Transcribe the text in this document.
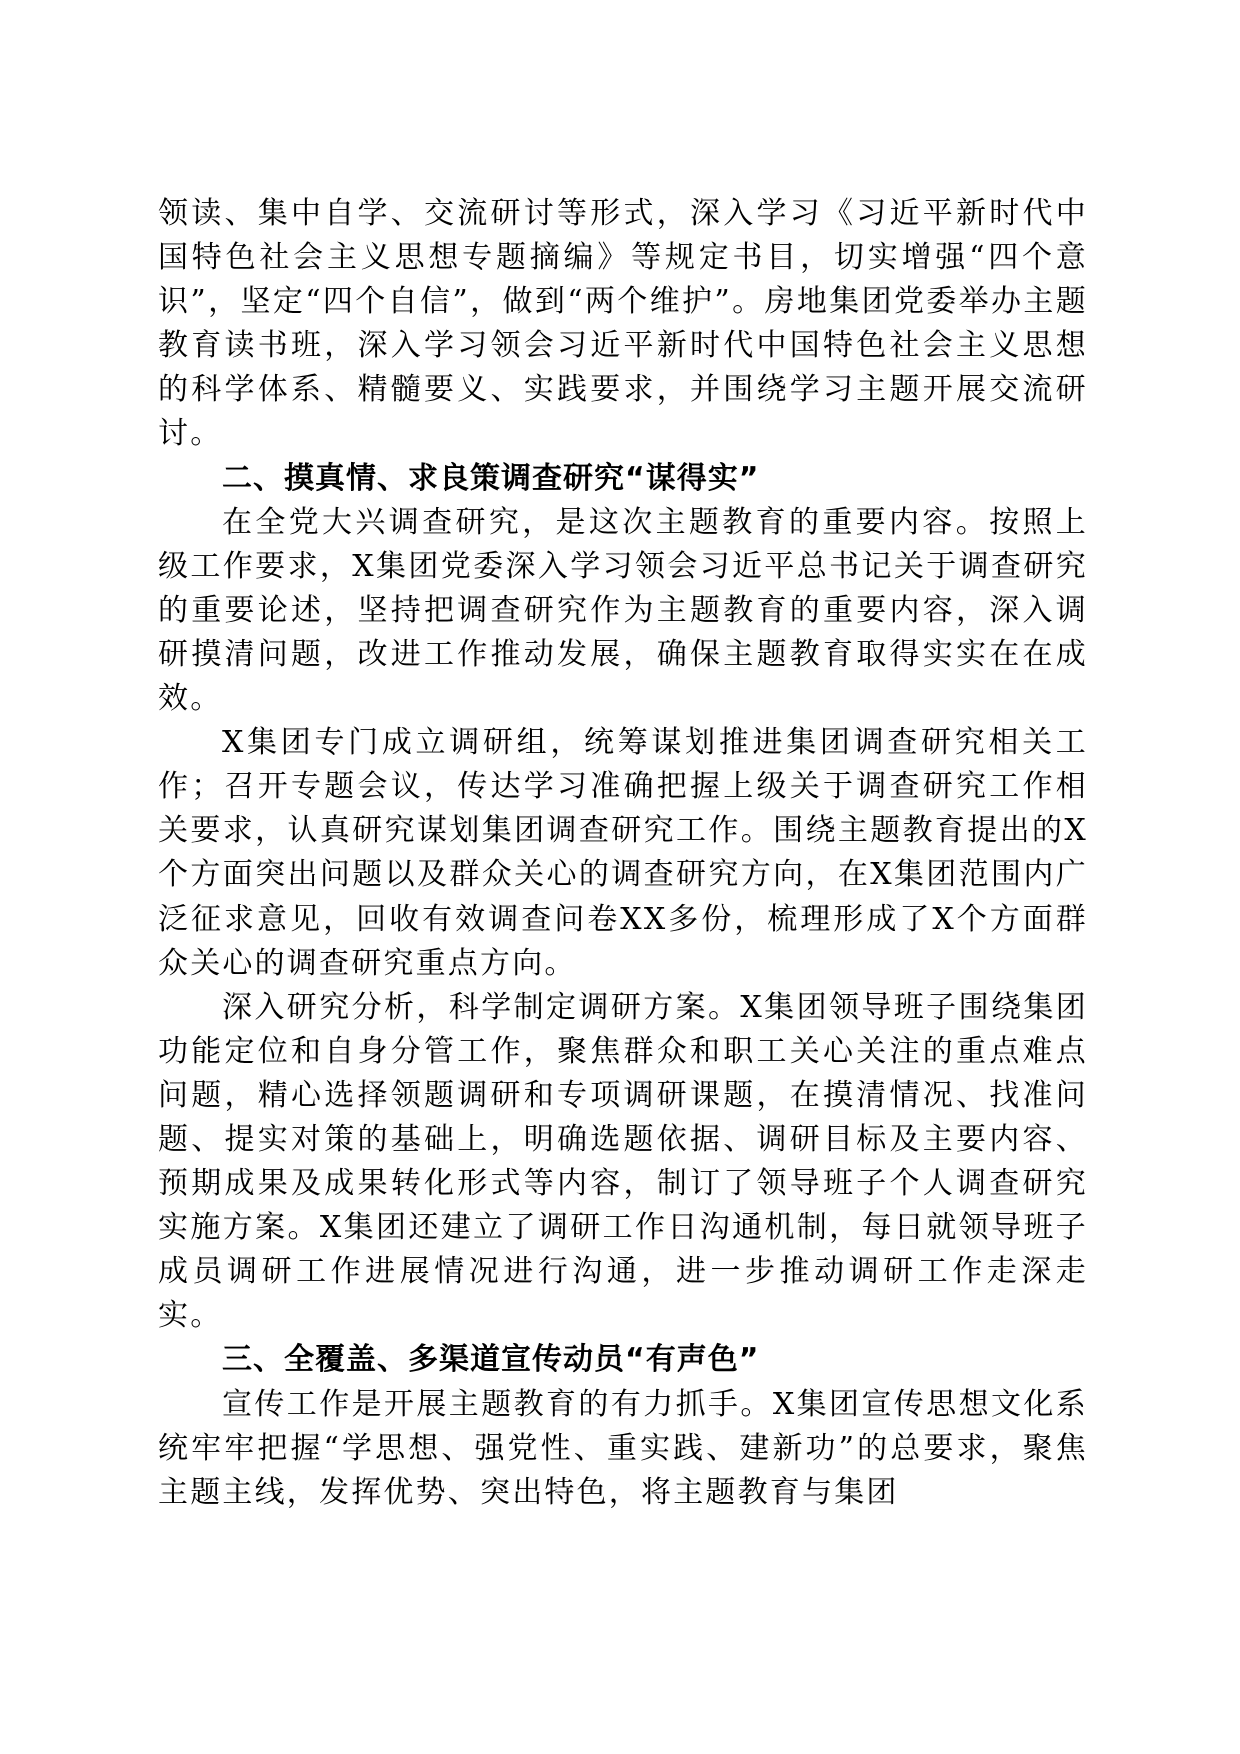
领读、集中自学、交流研讨等形式，深入学习《习近平新时代中国特色社会主义思想专题摘编》等规定书目，切实增强“四个意识”，坚定“四个自信”，做到“两个维护”。房地集团党委举办主题教育读书班，深入学习领会习近平新时代中国特色社会主义思想的科学体系、精髓要义、实践要求，并围绕学习主题开展交流研讨。

二、摸真情、求良策调查研究“谋得实”

在全党大兴调查研究，是这次主题教育的重要内容。按照上级工作要求，X集团党委深入学习领会习近平总书记关于调查研究的重要论述，坚持把调查研究作为主题教育的重要内容，深入调研摸清问题，改进工作推动发展，确保主题教育取得实实在在成效。

X集团专门成立调研组，统筹谋划推进集团调查研究相关工作；召开专题会议，传达学习准确把握上级关于调查研究工作相关要求，认真研究谋划集团调查研究工作。围绕主题教育提出的X个方面突出问题以及群众关心的调查研究方向，在X集团范围内广泛征求意见，回收有效调查问卷XX多份，梳理形成了X个方面群众关心的调查研究重点方向。

深入研究分析，科学制定调研方案。X集团领导班子围绕集团功能定位和自身分管工作，聚焦群众和职工关心关注的重点难点问题，精心选择领题调研和专项调研课题，在摸清情况、找准问题、提实对策的基础上，明确选题依据、调研目标及主要内容、预期成果及成果转化形式等内容，制订了领导班子个人调查研究实施方案。X集团还建立了调研工作日沟通机制，每日就领导班子成员调研工作进展情况进行沟通，进一步推动调研工作走深走实。

三、全覆盖、多渠道宣传动员“有声色”

宣传工作是开展主题教育的有力抓手。X集团宣传思想文化系统牢牢把握“学思想、强党性、重实践、建新功”的总要求，聚焦主题主线，发挥优势、突出特色，将主题教育与集团
